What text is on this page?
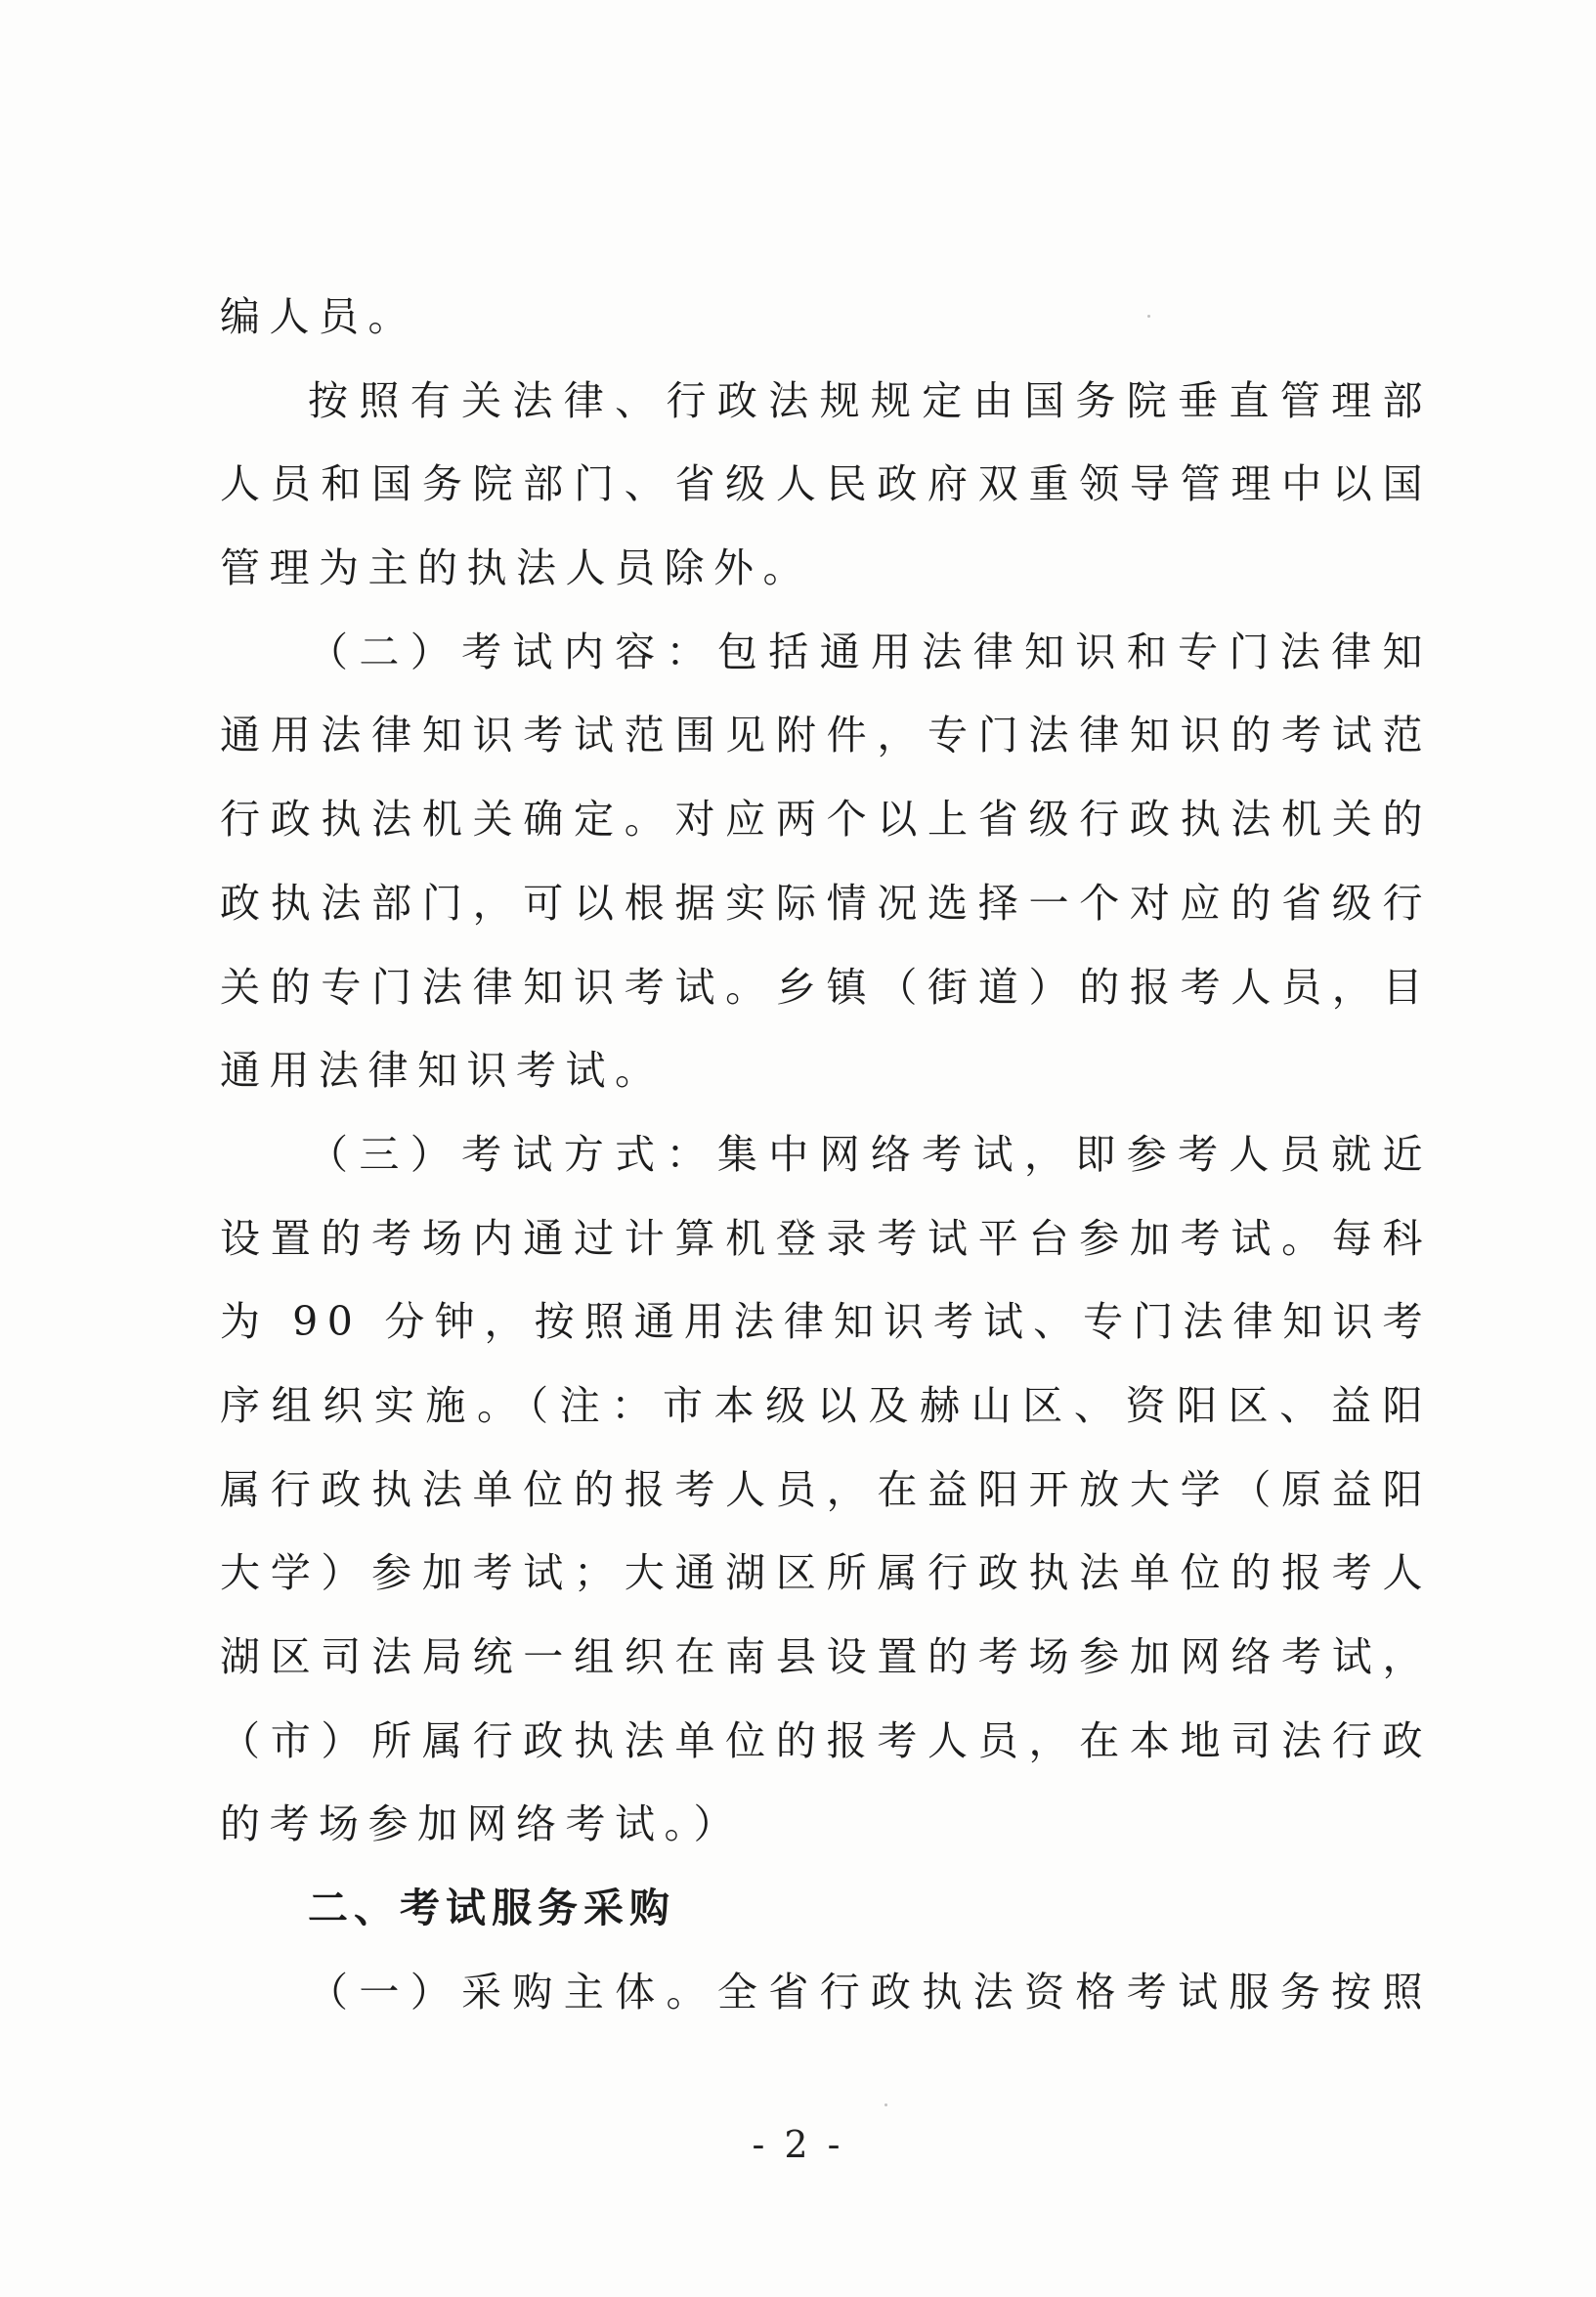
编人员。
按照有关法律、行政法规规定由国务院垂直管理部
人员和国务院部门、省级人民政府双重领导管理中以国
管理为主的执法人员除外。
（二）考试内容：包括通用法律知识和专门法律知
通用法律知识考试范围见附件，专门法律知识的考试范
行政执法机关确定。对应两个以上省级行政执法机关的
政执法部门，可以根据实际情况选择一个对应的省级行
关的专门法律知识考试。乡镇（街道）的报考人员，目
通用法律知识考试。
（三）考试方式：集中网络考试，即参考人员就近
设置的考场内通过计算机登录考试平台参加考试。每科
为 90 分钟，按照通用法律知识考试、专门法律知识考
序组织实施。（注：市本级以及赫山区、资阳区、益阳
属行政执法单位的报考人员，在益阳开放大学（原益阳
大学）参加考试；大通湖区所属行政执法单位的报考人
湖区司法局统一组织在南县设置的考场参加网络考试，
（市）所属行政执法单位的报考人员，在本地司法行政
的考场参加网络考试。）
二、考试服务采购
（一）采购主体。全省行政执法资格考试服务按照
- 2 -
